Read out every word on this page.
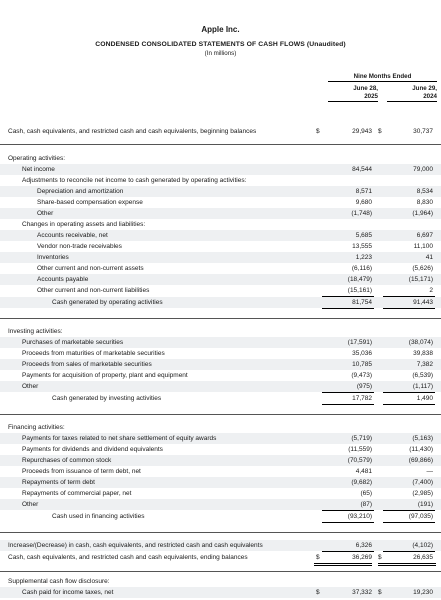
Apple Inc.
CONDENSED CONSOLIDATED STATEMENTS OF CASH FLOWS (Unaudited)
(In millions)
Nine Months Ended
June 28,
2025
June 29,
2024
Cash, cash equivalents, and restricted cash and cash equivalents, beginning balances	$	29,943 $	30,737
Operating activities:
Net income	84,544	79,000
Adjustments to reconcile net income to cash generated by operating activities:
Depreciation and amortization	8,571	8,534
Share-based compensation expense	9,680	8,830
Other	(1,748)	(1,964)
Changes in operating assets and liabilities:
Accounts receivable, net	5,685	6,697
Vendor non-trade receivables	13,555	11,100
Inventories	1,223	41
Other current and non-current assets	(6,116)	(5,626)
Accounts payable	(18,479)	(15,171)
Other current and non-current liabilities	(15,161)	2
Cash generated by operating activities	81,754	91,443
Investing activities:
Purchases of marketable securities	(17,591)	(38,074)
Proceeds from maturities of marketable securities	35,036	39,838
Proceeds from sales of marketable securities	10,785	7,382
Payments for acquisition of property, plant and equipment	(9,473)	(6,539)
Other	(975)	(1,117)
Cash generated by investing activities	17,782	1,490
Financing activities:
Payments for taxes related to net share settlement of equity awards	(5,719)	(5,163)
Payments for dividends and dividend equivalents	(11,559)	(11,430)
Repurchases of common stock	(70,579)	(69,866)
Proceeds from issuance of term debt, net	4,481	—
Repayments of term debt	(9,682)	(7,400)
Repayments of commercial paper, net	(65)	(2,985)
Other	(87)	(191)
Cash used in financing activities	(93,210)	(97,035)
Increase/(Decrease) in cash, cash equivalents, and restricted cash and cash equivalents	6,326	(4,102)
Cash, cash equivalents, and restricted cash and cash equivalents, ending balances	$	36,269 $	26,635
Supplemental cash flow disclosure:
Cash paid for income taxes, net	$	37,332 $	19,230
